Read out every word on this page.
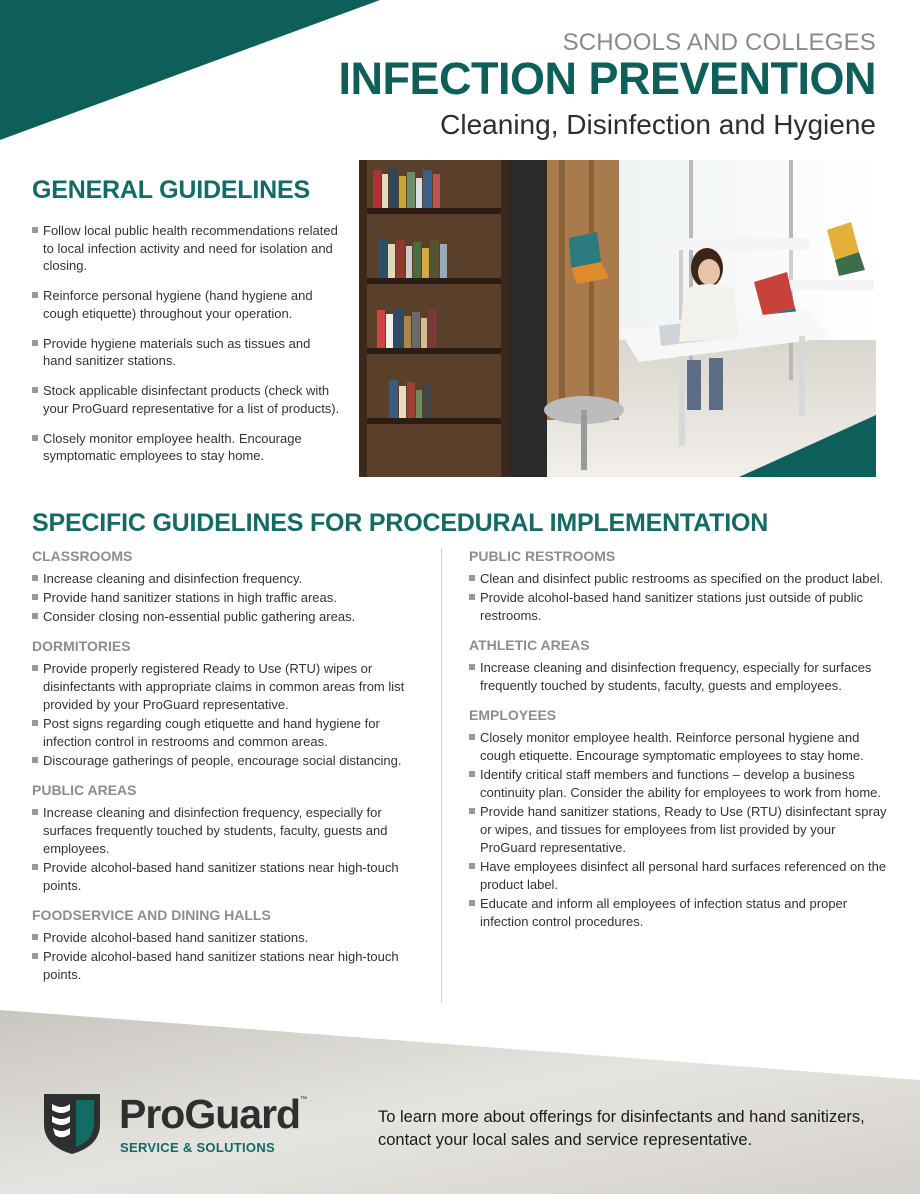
SCHOOLS AND COLLEGES
INFECTION PREVENTION
Cleaning, Disinfection and Hygiene
GENERAL GUIDELINES
Follow local public health recommendations related to local infection activity and need for isolation and closing.
Reinforce personal hygiene (hand hygiene and cough etiquette) throughout your operation.
Provide hygiene materials such as tissues and hand sanitizer stations.
Stock applicable disinfectant products (check with your ProGuard representative for a list of products).
Closely monitor employee health. Encourage symptomatic employees to stay home.
SPECIFIC GUIDELINES FOR PROCEDURAL IMPLEMENTATION
CLASSROOMS
Increase cleaning and disinfection frequency.
Provide hand sanitizer stations in high traffic areas.
Consider closing non-essential public gathering areas.
DORMITORIES
Provide properly registered Ready to Use (RTU) wipes or disinfectants with appropriate claims in common areas from list provided by your ProGuard representative.
Post signs regarding cough etiquette and hand hygiene for infection control in restrooms and common areas.
Discourage gatherings of people, encourage social distancing.
PUBLIC AREAS
Increase cleaning and disinfection frequency, especially for surfaces frequently touched by students, faculty, guests and employees.
Provide alcohol-based hand sanitizer stations near high-touch points.
FOODSERVICE AND DINING HALLS
Provide alcohol-based hand sanitizer stations.
Provide alcohol-based hand sanitizer stations near high-touch points.
PUBLIC RESTROOMS
Clean and disinfect public restrooms as specified on the product label.
Provide alcohol-based hand sanitizer stations just outside of public restrooms.
ATHLETIC AREAS
Increase cleaning and disinfection frequency, especially for surfaces frequently touched by students, faculty, guests and employees.
EMPLOYEES
Closely monitor employee health. Reinforce personal hygiene and cough etiquette. Encourage symptomatic employees to stay home.
Identify critical staff members and functions – develop a business continuity plan. Consider the ability for employees to work from home.
Provide hand sanitizer stations, Ready to Use (RTU) disinfectant spray or wipes, and tissues for employees from list provided by your ProGuard representative.
Have employees disinfect all personal hard surfaces referenced on the product label.
Educate and inform all employees of infection status and proper infection control procedures.
ProGuard ™
SERVICE & SOLUTIONS
To learn more about offerings for disinfectants and hand sanitizers, contact your local sales and service representative.
